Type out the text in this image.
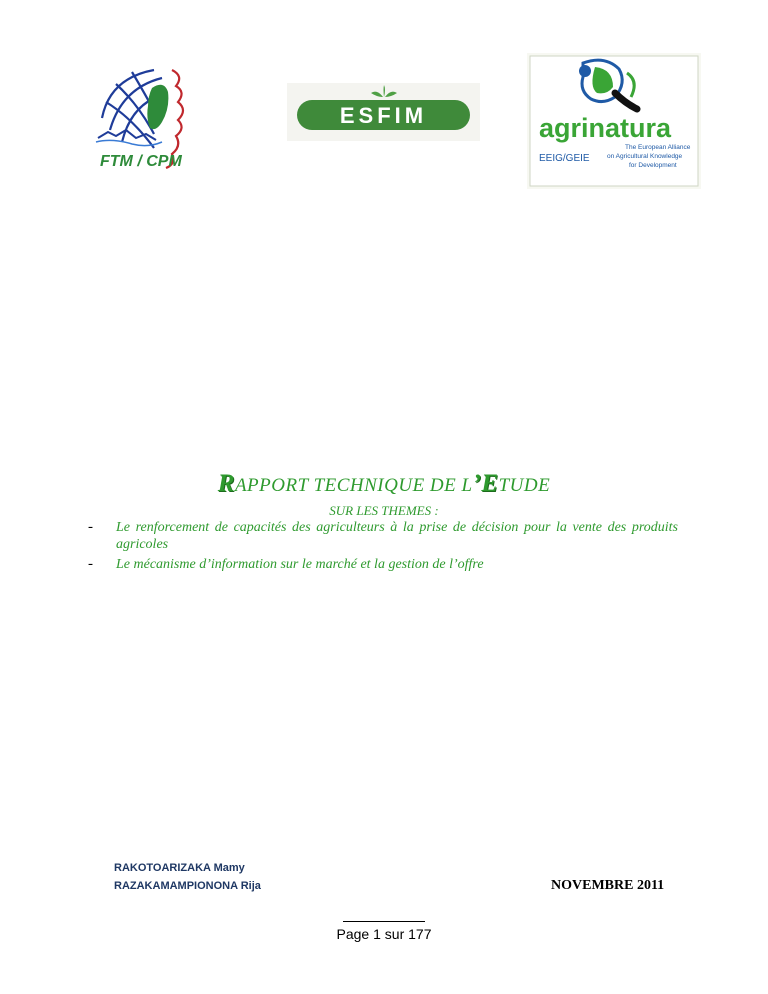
FTM / CPM
ESFIM	agrinatura
EEIG/GEIE
The European Alliance
on Agricultural Knowledge
for Development
RAPPORT TECHNIQUE DE L’ETUDE
SUR LES THEMES :
- Le renforcement de capacités des agriculteurs à la prise de décision pour la vente des produits agricoles
- Le mécanisme d’information sur le marché et la gestion de l’offre
RAKOTOARIZAKA Mamy
RAZAKAMAMPIONONA Rija	NOVEMBRE 2011
Page 1 sur 177
